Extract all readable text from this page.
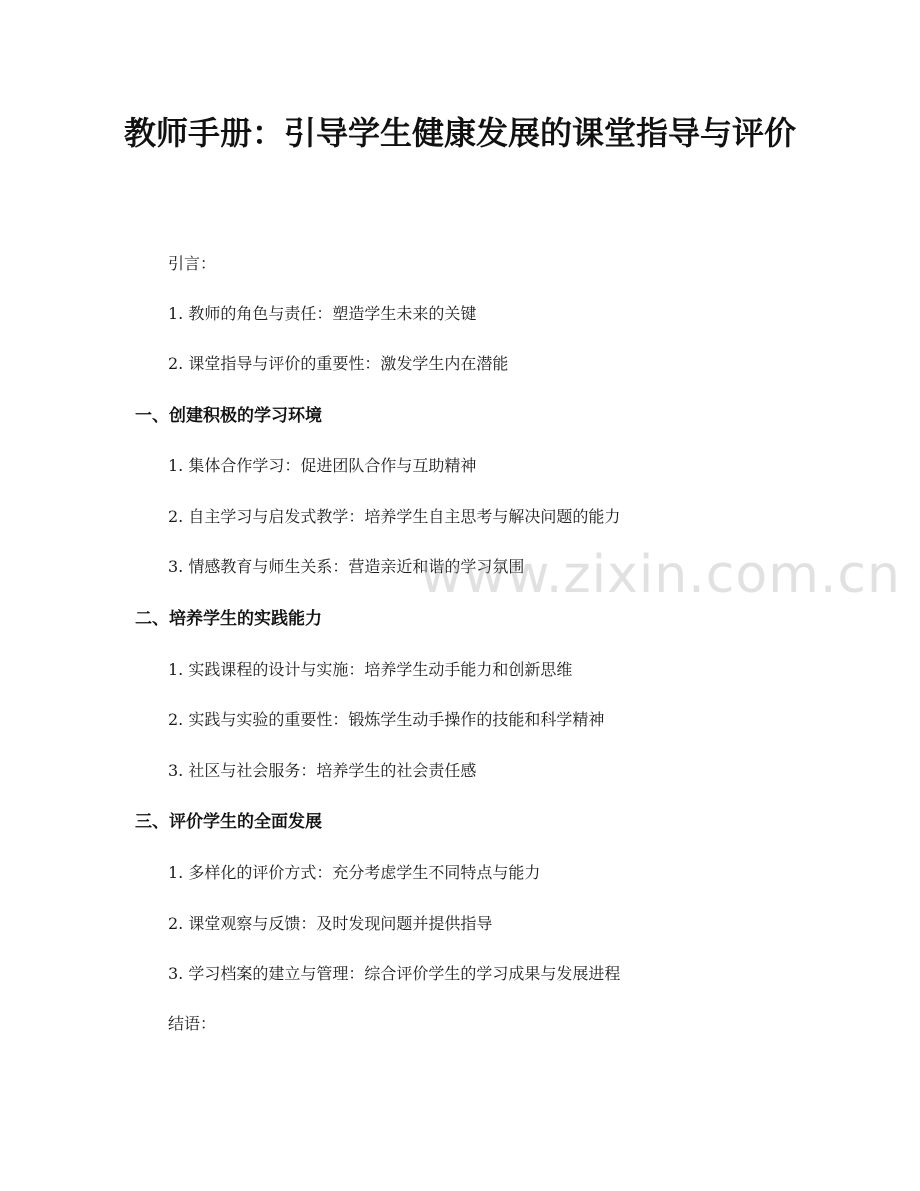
教师手册：引导学生健康发展的课堂指导与评价
引言：
1. 教师的角色与责任：塑造学生未来的关键
2. 课堂指导与评价的重要性：激发学生内在潜能
一、创建积极的学习环境
1. 集体合作学习：促进团队合作与互助精神
2. 自主学习与启发式教学：培养学生自主思考与解决问题的能力
3. 情感教育与师生关系：营造亲近和谐的学习氛围
二、培养学生的实践能力
1. 实践课程的设计与实施：培养学生动手能力和创新思维
2. 实践与实验的重要性：锻炼学生动手操作的技能和科学精神
3. 社区与社会服务：培养学生的社会责任感
三、评价学生的全面发展
1. 多样化的评价方式：充分考虑学生不同特点与能力
2. 课堂观察与反馈：及时发现问题并提供指导
3. 学习档案的建立与管理：综合评价学生的学习成果与发展进程
结语：
www.zixin.com.cn
